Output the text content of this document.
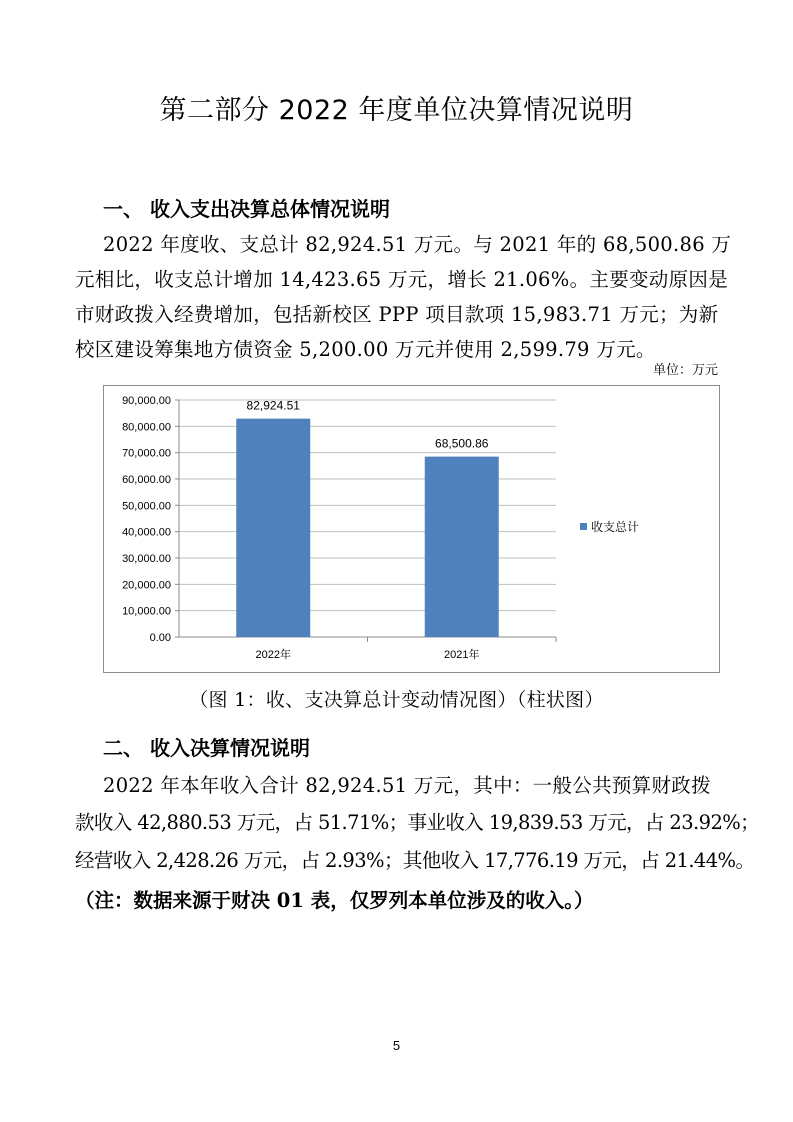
第二部分 2022 年度单位决算情况说明
一、 收入支出决算总体情况说明
2022 年度收、支总计 82,924.51 万元。与 2021 年的 68,500.86 万
元相比，收支总计增加 14,423.65 万元，增长 21.06%。主要变动原因是
市财政拨入经费增加，包括新校区 PPP 项目款项 15,983.71 万元；为新
校区建设筹集地方债资金 5,200.00 万元并使用 2,599.79 万元。
单位：万元
0.00
10,000.00
20,000.00
30,000.00
40,000.00
50,000.00
60,000.00
70,000.00
80,000.00
90,000.00	82,924.51
2022年
68,500.86
2021年
收支总计
（图 1：收、支决算总计变动情况图）（柱状图）
二、 收入决算情况说明
2022 年本年收入合计 82,924.51 万元，其中：一般公共预算财政拨
款收入 42,880.53 万元，占 51.71%；事业收入 19,839.53 万元，占 23.92%；
经营收入 2,428.26 万元，占 2.93%；其他收入 17,776.19 万元，占 21.44%。
（注：数据来源于财决 01 表，仅罗列本单位涉及的收入。）
5
